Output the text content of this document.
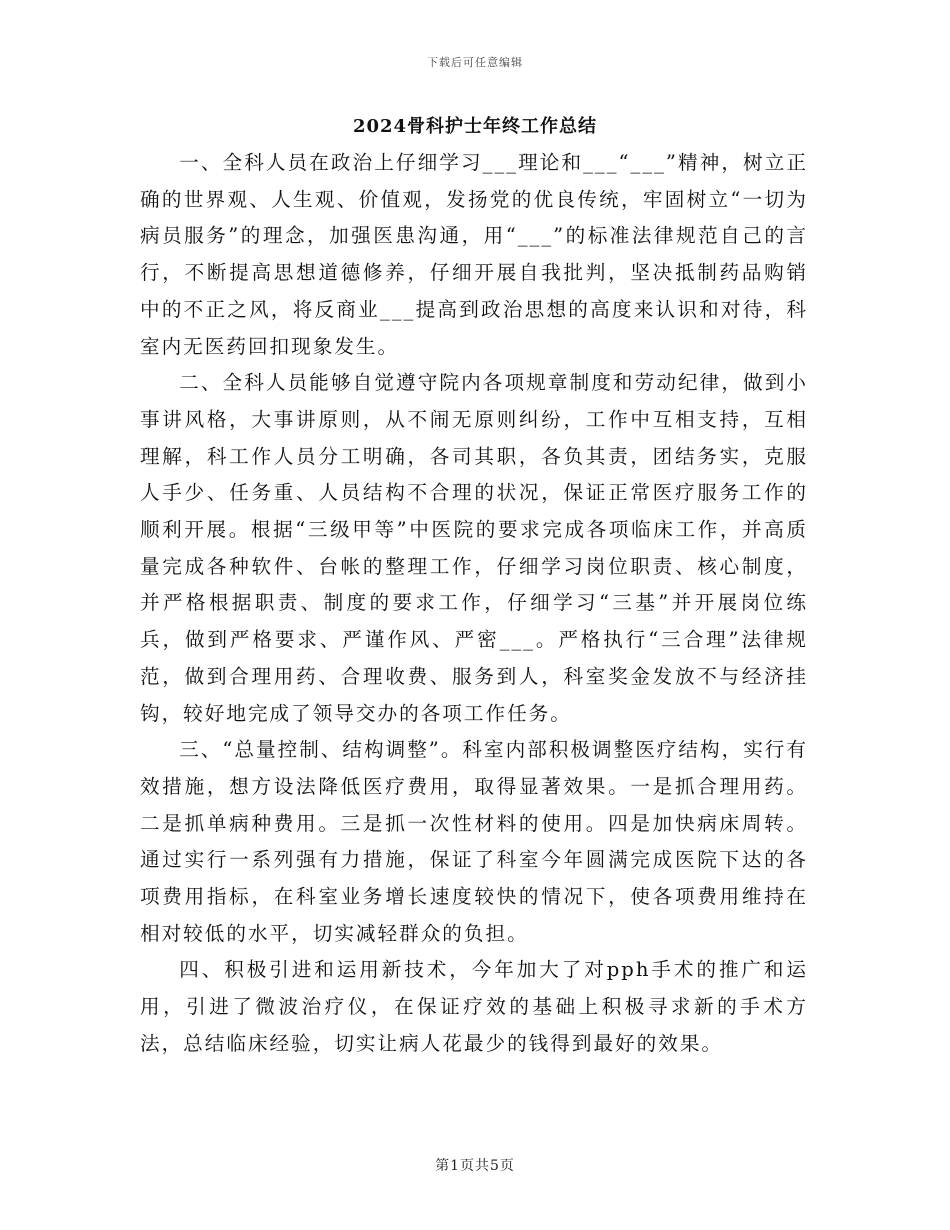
下载后可任意编辑
2024骨科护士年终工作总结

一、全科人员在政治上仔细学习___理论和___“___”精神，树立正确的世界观、人生观、价值观，发扬党的优良传统，牢固树立“一切为病员服务”的理念，加强医患沟通，用“___”的标准法律规范自己的言行，不断提高思想道德修养，仔细开展自我批判，坚决抵制药品购销中的不正之风，将反商业___提高到政治思想的高度来认识和对待，科室内无医药回扣现象发生。

二、全科人员能够自觉遵守院内各项规章制度和劳动纪律，做到小事讲风格，大事讲原则，从不闹无原则纠纷，工作中互相支持，互相理解，科工作人员分工明确，各司其职，各负其责，团结务实，克服人手少、任务重、人员结构不合理的状况，保证正常医疗服务工作的顺利开展。根据“三级甲等”中医院的要求完成各项临床工作，并高质量完成各种软件、台帐的整理工作，仔细学习岗位职责、核心制度，并严格根据职责、制度的要求工作，仔细学习“三基”并开展岗位练兵，做到严格要求、严谨作风、严密___。严格执行“三合理”法律规范，做到合理用药、合理收费、服务到人，科室奖金发放不与经济挂钩，较好地完成了领导交办的各项工作任务。

三、“总量控制、结构调整”。科室内部积极调整医疗结构，实行有效措施，想方设法降低医疗费用，取得显著效果。一是抓合理用药。二是抓单病种费用。三是抓一次性材料的使用。四是加快病床周转。通过实行一系列强有力措施，保证了科室今年圆满完成医院下达的各项费用指标，在科室业务增长速度较快的情况下，使各项费用维持在相对较低的水平，切实减轻群众的负担。

四、积极引进和运用新技术，今年加大了对pph手术的推广和运用，引进了微波治疗仪，在保证疗效的基础上积极寻求新的手术方法，总结临床经验，切实让病人花最少的钱得到最好的效果。

第1页共5页
